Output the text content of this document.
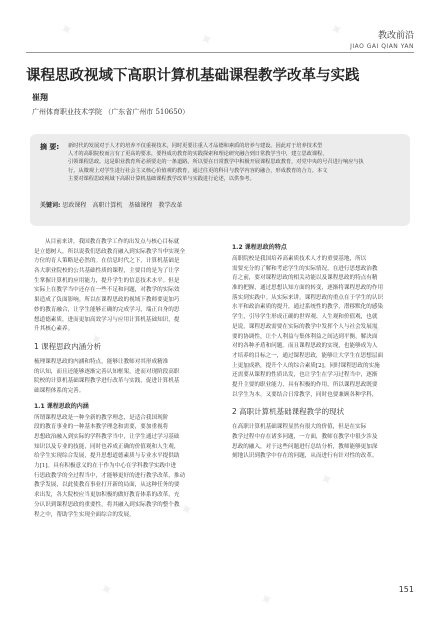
✦	✦	✦
✦
✦
✦
✦
✦
✦
✦
✦	✦
教改前沿
JIAO GAI QIAN YAN
课程思政视域下高职计算机基础课程教学改革与实践
崔翔
广州体育职业技术学院 （广东省广州市 510650）
摘 要: 新时代的发展对于人才的培养不仅重视技术，同时更要注重人才品德和素质的培养与建设。因此对于培养技术型
人才的高职院校而言有了更高的要求，要得成功教育的实践探索和理论研究融合到日常教学当中，建立思政课程，
引领课程思政。这是职业教育所必须要走的一条道路。所以要在日常教学中积极开展课程思政教育，对党中央的号召进行响应与执
行，从微观上对学生进行社会主义核心价值观的教育，通过往更的科目与教学内容的融合，形成教育的合力。本文
主要对课程思政视域下高职计算机基础课程教学改革与实践进行论述，以供参考。
关键词: 思政课程　高职计算机　基础课程　教学改革
从目前来讲，我国教育教学工作的出发点与核心目标就
是立德树人，所以说我们思政教育融入到实际教学当中实现全
方位的育人策略是必然的。在信息时代之下，计算机基础是
各大职业院校的公共基础性质的课程，主要目的是为了让学
生掌握计算机的应用能力，提升学生的信息技术水平。但是
实际上在教学当中还存在一些不足和问题，对教学的实际效
果造成了负面影响。所以在课程思政的视域下教师要更加巧
妙的教育融合，让学生能够正确的完成学习，端正自身的思
想道德素质，进而更加高效学习与应用计算机基础知识，提
升其核心素养。
1 课程思政内涵分析
梳理课程思政的内涵和特点，能够让教师对其形成精准
的认知，而且还能够逐渐完善认知框架，进而对现阶段高职
院校的计算机基础课程教学进行改革与实践，促进计算机基
础课程体系的完善。
1.1 课程思政的内涵
所谓课程思政是一种全新的教学理念，是适合我国现阶
段的教育事业的一种基本教学理念和需要，要加重视将
思想政治融入到实际的学科教学当中，让学生通过学习基础
知识以及专业的技能，同时也养成正确的价值观和人生观，
给学生实现综合发展，提升思想道德素质与专业水平提供助
力[1]。具有积极意义的在于作为中心在学科教学实践中进
行思政教学的全过程当中，才能够更好的进行教学改革，推动
教学发展，以此使教育事业打开新的局面，从这种任务的要
求出发，各大院校应当更加积极的做好教育体系的改革，充
分认识到课程思政的重要性，将其融入到实际教学的整个教
程之中，帮助学生实现全面综合的发展。
1.2 课程思政的特点
高职院校是我国培养高素质技术人才的重要基地，所以
需要充分的了解和考虑学生的实际情况，在进行思想政治教
育之前，要对课程思政的相关功能以及课程思政的特点有精
准的把握，通过思想认知方面的转变，逐渐将课程思政的作用
落实到实践中。从实际来讲，课程思政的重点在于学生的认识
水平和政治素质的提升，通过系统性的教学，潜移默化的感染
学生，引导学生形成正确的世界观、人生观和价值观，也就
是说，课程思政需要在实际的教学中发挥个人与社会发展需
要的协调性，让个人利益与集体利益之间达到平衡，解决面
对的各种矛盾和问题。而且课程思政的实现，也能够成为人
才培养的目标之一，通过课程思政，能够让大学生在思想层面
上更加成熟，提升个人的综合素质[2]。同时课程思政的实施
还需要从课程的性质出发，也让学生在学习过程当中，逐渐
提升主要的职业能力，具有积极的作用，所以课程思政既要
以学生为本，又要结合日常教学，同时也要兼顾各种学科，
2 高职计算机基础课程教学的现状
在高职计算机基础课程显然有很大的价值，但是在实际
教学过程中存在诸多问题，一方面，教师在教学中很少涉及
思政的融入，对于这些问题进行总结分析，教师能够更加深
刻地认识到教学中存在的问题，从而进行有针对性的改革。
151
